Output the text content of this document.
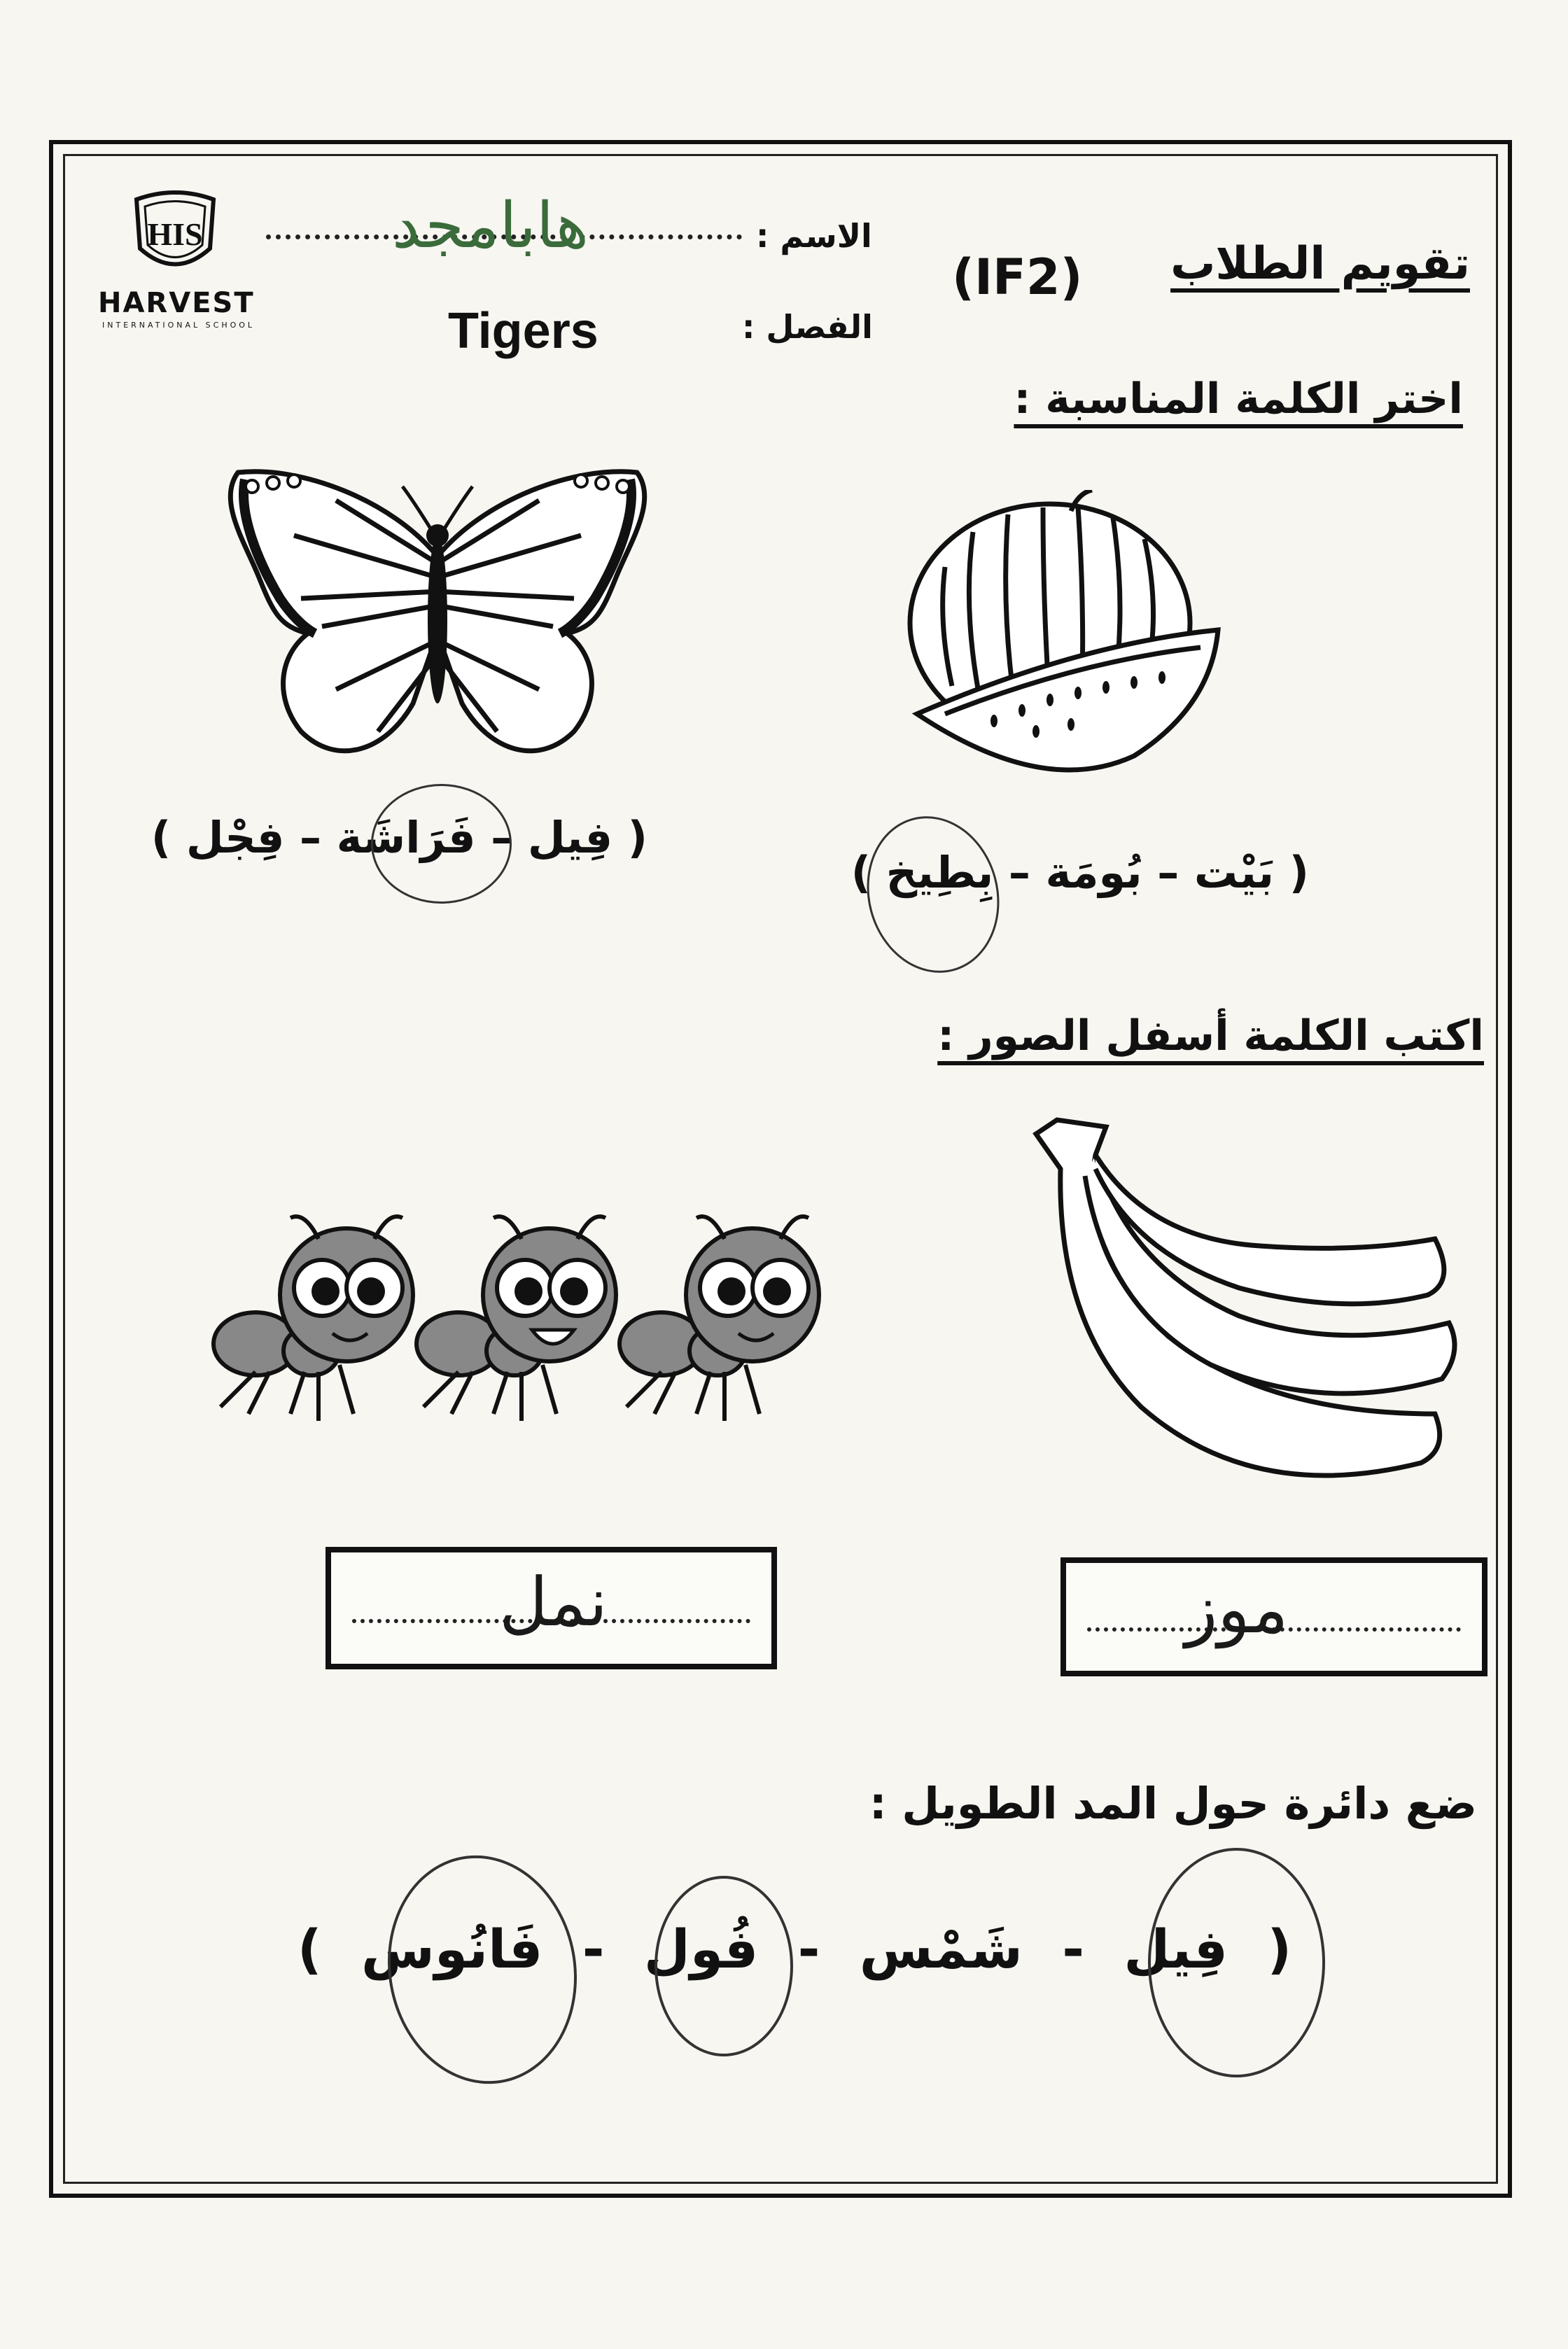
HIS
HARVEST
INTERNATIONAL SCHOOL
تقويم الطلاب
(IF2)
الاسم :
هابامجد
الفصل :
Tigers
اختر الكلمة المناسبة :
( فِيل – فَرَاشَة – فِجْل )
( بَيْت – بُومَة – بِطِيخ )
اكتب الكلمة أسفل الصور :
نمل	موز
ضع دائرة حول المد الطويل :
( فِيل - شَمْس - فُول - فَانُوس )
